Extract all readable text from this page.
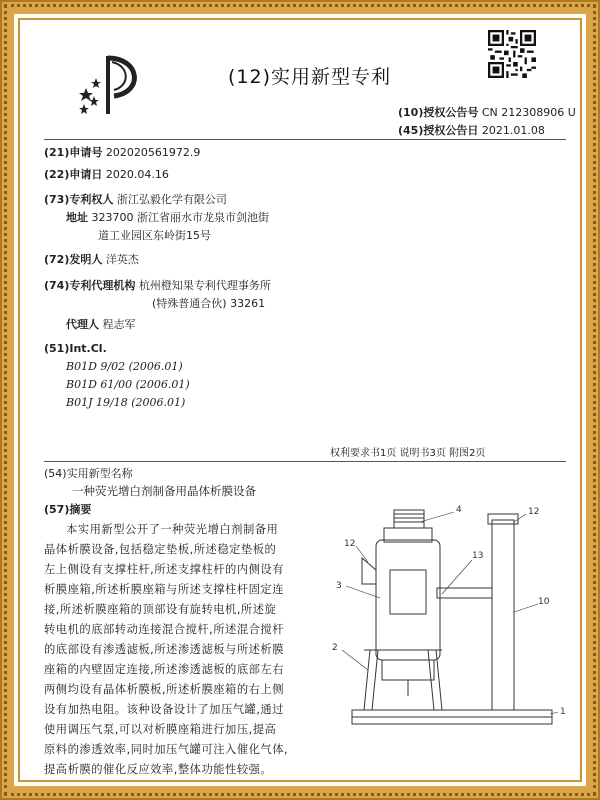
(12)实用新型专利
(10)授权公告号 CN 212308906 U
(45)授权公告日 2021.01.08
(21)申请号 202020561972.9
(22)申请日 2020.04.16
(73)专利权人 浙江弘毅化学有限公司
地址 323700 浙江省丽水市龙泉市剑池街
道工业园区东岭街15号
(72)发明人 洋英杰
(74)专利代理机构 杭州橙知果专利代理事务所
(特殊普通合伙) 33261
代理人 程志军
(51)Int.Cl.
B01D 9/02 (2006.01)
B01D 61/00 (2006.01)
B01J 19/18 (2006.01)
权利要求书1页 说明书3页 附图2页
(54)实用新型名称
一种荧光增白剂制备用晶体析膜设备
(57)摘要
本实用新型公开了一种荧光增白剂制备用
晶体析膜设备,包括稳定垫板,所述稳定垫板的
左上侧设有支撑柱杆,所述支撑柱杆的内侧设有
析膜座箱,所述析膜座箱与所述支撑柱杆固定连
接,所述析膜座箱的顶部设有旋转电机,所述旋
转电机的底部转动连接混合搅杆,所述混合搅杆
的底部设有渗透滤板,所述渗透滤板与所述析膜
座箱的内壁固定连接,所述渗透滤板的底部左右
两侧均设有晶体析膜板,所述析膜座箱的右上侧
设有加热电阻。该种设备设计了加压气罐,通过
使用调压气泵,可以对析膜座箱进行加压,提高
原料的渗透效率,同时加压气罐可注入催化气体,
提高析膜的催化反应效率,整体功能性较强。
4	12
13
3
2
10
1
12
